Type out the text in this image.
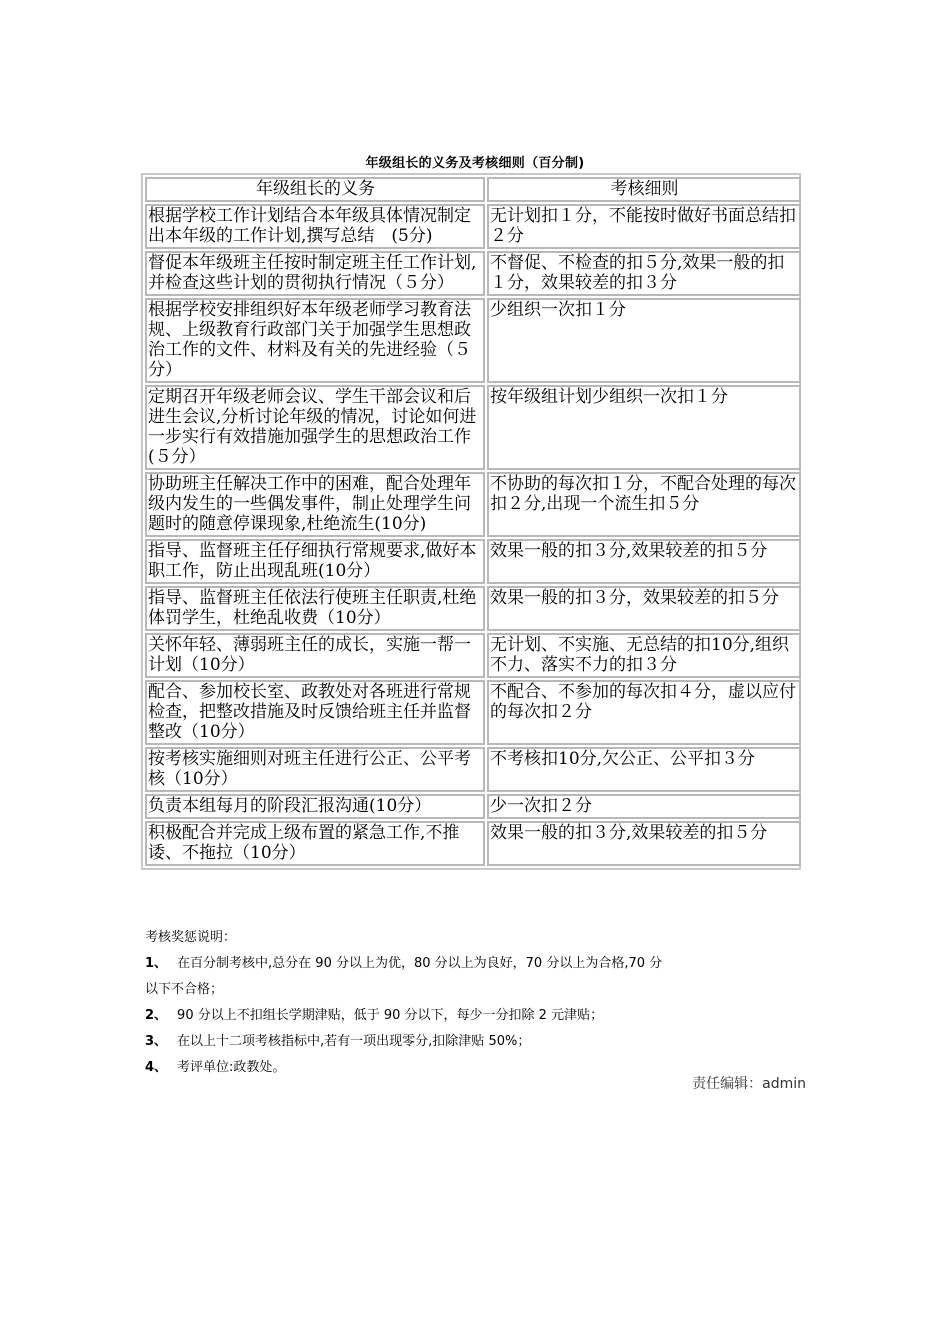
年级组长的义务及考核细则（百分制)
年级组长的义务	考核细则
根据学校工作计划结合本年级具体情况制定出本年级的工作计划,撰写总结　(5分)	无计划扣１分，不能按时做好书面总结扣２分
督促本年级班主任按时制定班主任工作计划,并检查这些计划的贯彻执行情况（５分）	不督促、不检查的扣５分,效果一般的扣１分，效果较差的扣３分
根据学校安排组织好本年级老师学习教育法规、上级教育行政部门关于加强学生思想政治工作的文件、材料及有关的先进经验（５分）	少组织一次扣１分
定期召开年级老师会议、学生干部会议和后进生会议,分析讨论年级的情况，讨论如何进一步实行有效措施加强学生的思想政治工作(５分）	按年级组计划少组织一次扣１分
协助班主任解决工作中的困难，配合处理年级内发生的一些偶发事件，制止处理学生问题时的随意停课现象,杜绝流生(10分)	不协助的每次扣１分，不配合处理的每次扣２分,出现一个流生扣５分
指导、监督班主任仔细执行常规要求,做好本职工作，防止出现乱班(10分）	效果一般的扣３分,效果较差的扣５分
指导、监督班主任依法行使班主任职责,杜绝体罚学生，杜绝乱收费（10分）	效果一般的扣３分，效果较差的扣５分
关怀年轻、薄弱班主任的成长，实施一帮一计划（10分）	无计划、不实施、无总结的扣10分,组织不力、落实不力的扣３分
配合、参加校长室、政教处对各班进行常规检查，把整改措施及时反馈给班主任并监督整改（10分）	不配合、不参加的每次扣４分，虚以应付的每次扣２分
按考核实施细则对班主任进行公正、公平考核（10分）	不考核扣10分,欠公正、公平扣３分
负责本组每月的阶段汇报沟通(10分）	少一次扣２分
积极配合并完成上级布置的紧急工作,不推诿、不拖拉（10分）	效果一般的扣３分,效果较差的扣５分
考核奖惩说明：
1、 在百分制考核中,总分在 90 分以上为优，80 分以上为良好，70 分以上为合格,70 分
以下不合格；
2、 90 分以上不扣组长学期津贴，低于 90 分以下，每少一分扣除 2 元津贴；
3、 在以上十二项考核指标中,若有一项出现零分,扣除津贴 50%；
4、 考评单位:政教处。
责任编辑：admin
